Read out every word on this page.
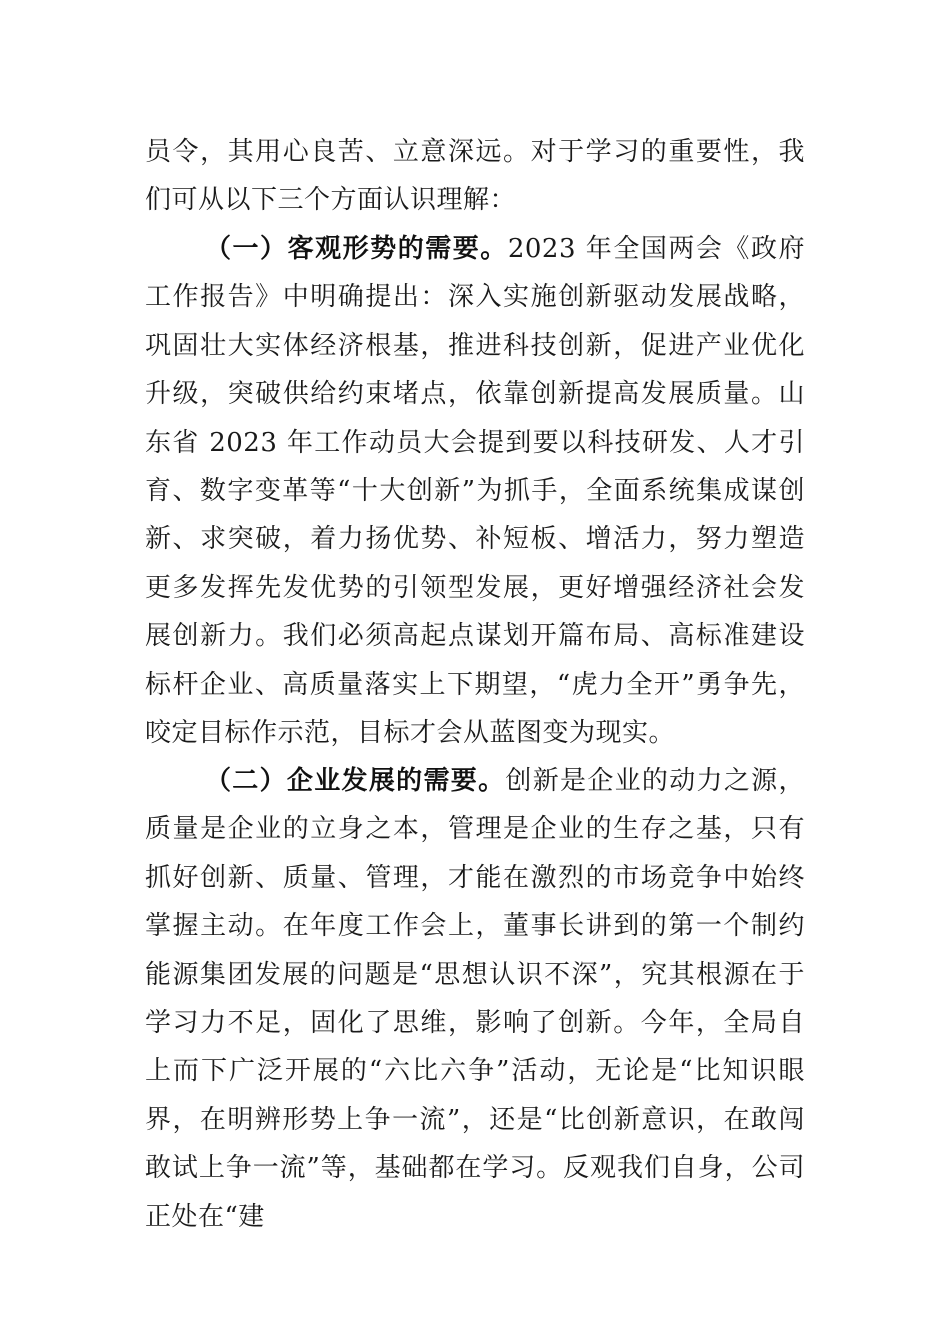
员令，其用心良苦、立意深远。对于学习的重要性，我们可从以下三个方面认识理解：

（一）客观形势的需要。2023 年全国两会《政府工作报告》中明确提出：深入实施创新驱动发展战略，巩固壮大实体经济根基，推进科技创新，促进产业优化升级，突破供给约束堵点，依靠创新提高发展质量。山东省 2023 年工作动员大会提到要以科技研发、人才引育、数字变革等“十大创新”为抓手，全面系统集成谋创新、求突破，着力扬优势、补短板、增活力，努力塑造更多发挥先发优势的引领型发展，更好增强经济社会发展创新力。我们必须高起点谋划开篇布局、高标准建设标杆企业、高质量落实上下期望，“虎力全开”勇争先，咬定目标作示范，目标才会从蓝图变为现实。

（二）企业发展的需要。创新是企业的动力之源，质量是企业的立身之本，管理是企业的生存之基，只有抓好创新、质量、管理，才能在激烈的市场竞争中始终掌握主动。在年度工作会上，董事长讲到的第一个制约能源集团发展的问题是“思想认识不深”，究其根源在于学习力不足，固化了思维，影响了创新。今年，全局自上而下广泛开展的“六比六争”活动，无论是“比知识眼界，在明辨形势上争一流”，还是“比创新意识，在敢闯敢试上争一流”等，基础都在学习。反观我们自身，公司正处在“建
